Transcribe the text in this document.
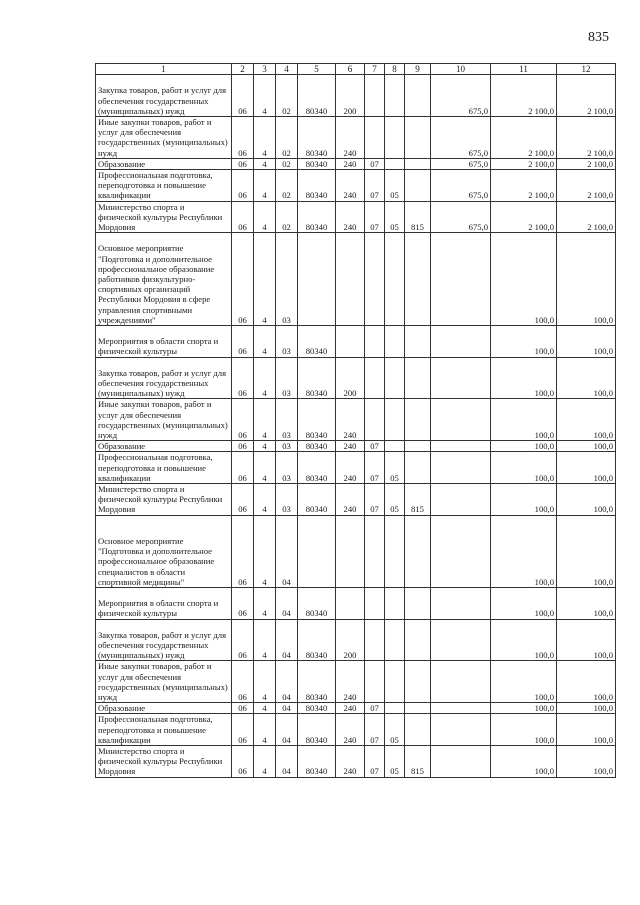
835
1	2	3	4	5	6	7	8	9	10	11	12
Закупка товаров, работ и услуг для обеспечения государственных (муниципальных) нужд	06	4	02	80340	200				675,0	2 100,0	2 100,0
Иные закупки товаров, работ и услуг для обеспечения государственных (муниципальных) нужд	06	4	02	80340	240				675,0	2 100,0	2 100,0
Образование	06	4	02	80340	240	07			675,0	2 100,0	2 100,0
Профессиональная подготовка, переподготовка и повышение квалификации	06	4	02	80340	240	07	05		675,0	2 100,0	2 100,0
Министерство спорта и физической культуры Республики Мордовия	06	4	02	80340	240	07	05	815	675,0	2 100,0	2 100,0
Основное мероприятие "Подготовка и дополнительное профессиональное образование работников физкультурно-спортивных организаций Республики Мордовия в сфере управления спортивными учреждениями"	06	4	03							100,0	100,0
Мероприятия в области спорта и физической культуры	06	4	03	80340						100,0	100,0
Закупка товаров, работ и услуг для обеспечения государственных (муниципальных) нужд	06	4	03	80340	200					100,0	100,0
Иные закупки товаров, работ и услуг для обеспечения государственных (муниципальных) нужд	06	4	03	80340	240					100,0	100,0
Образование	06	4	03	80340	240	07				100,0	100,0
Профессиональная подготовка, переподготовка и повышение квалификации	06	4	03	80340	240	07	05			100,0	100,0
Министерство спорта и физической культуры Республики Мордовия	06	4	03	80340	240	07	05	815		100,0	100,0
Основное мероприятие "Подготовка и дополнительное профессиональное образование специалистов в области спортивной медицины"	06	4	04							100,0	100,0
Мероприятия в области спорта и физической культуры	06	4	04	80340						100,0	100,0
Закупка товаров, работ и услуг для обеспечения государственных (муниципальных) нужд	06	4	04	80340	200					100,0	100,0
Иные закупки товаров, работ и услуг для обеспечения государственных (муниципальных) нужд	06	4	04	80340	240					100,0	100,0
Образование	06	4	04	80340	240	07				100,0	100,0
Профессиональная подготовка, переподготовка и повышение квалификации	06	4	04	80340	240	07	05			100,0	100,0
Министерство спорта и физической культуры Республики Мордовия	06	4	04	80340	240	07	05	815		100,0	100,0
